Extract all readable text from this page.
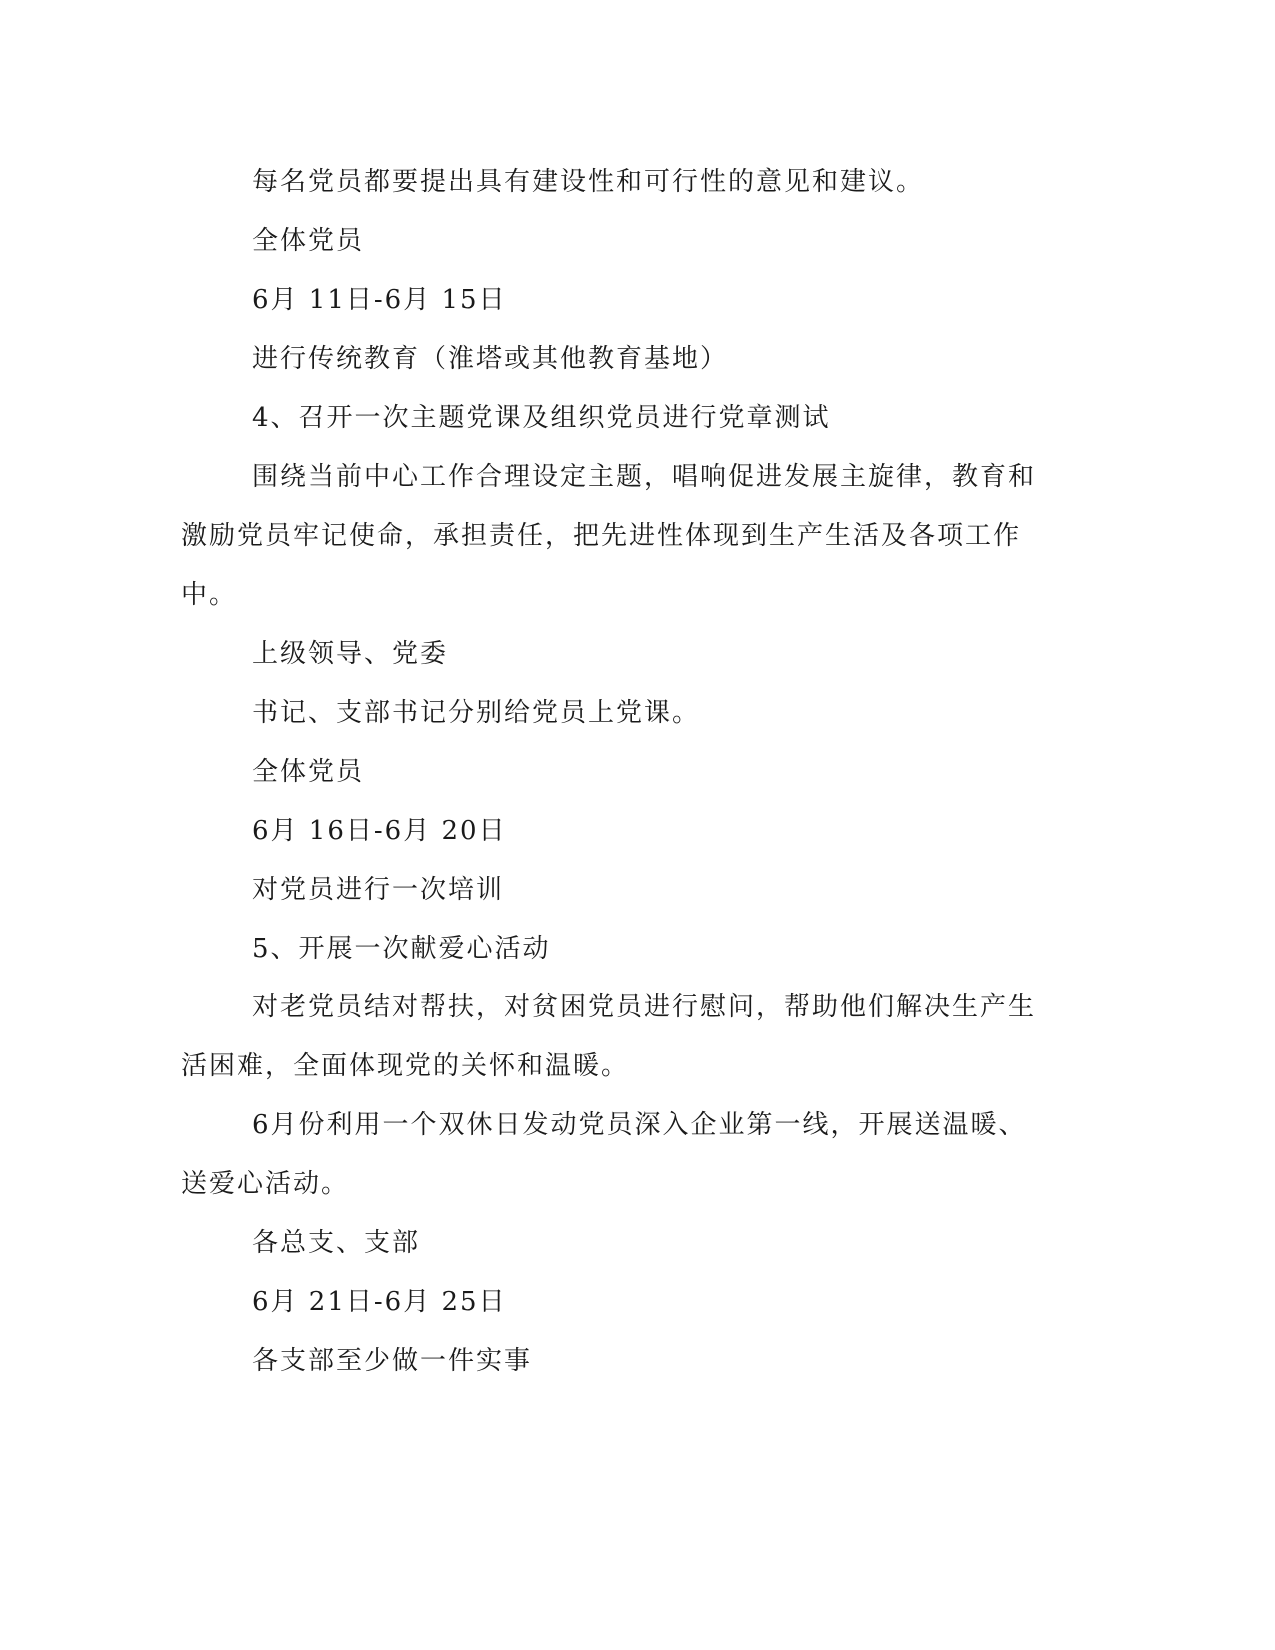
每名党员都要提出具有建设性和可行性的意见和建议。
全体党员
6月 11日-6月 15日
进行传统教育（淮塔或其他教育基地）
4、召开一次主题党课及组织党员进行党章测试
围绕当前中心工作合理设定主题，唱响促进发展主旋律，教育和
激励党员牢记使命，承担责任，把先进性体现到生产生活及各项工作
中。
上级领导、党委
书记、支部书记分别给党员上党课。
全体党员
6月 16日-6月 20日
对党员进行一次培训
5、开展一次献爱心活动
对老党员结对帮扶，对贫困党员进行慰问，帮助他们解决生产生
活困难，全面体现党的关怀和温暖。
6月份利用一个双休日发动党员深入企业第一线，开展送温暖、
送爱心活动。
各总支、支部
6月 21日-6月 25日
各支部至少做一件实事
